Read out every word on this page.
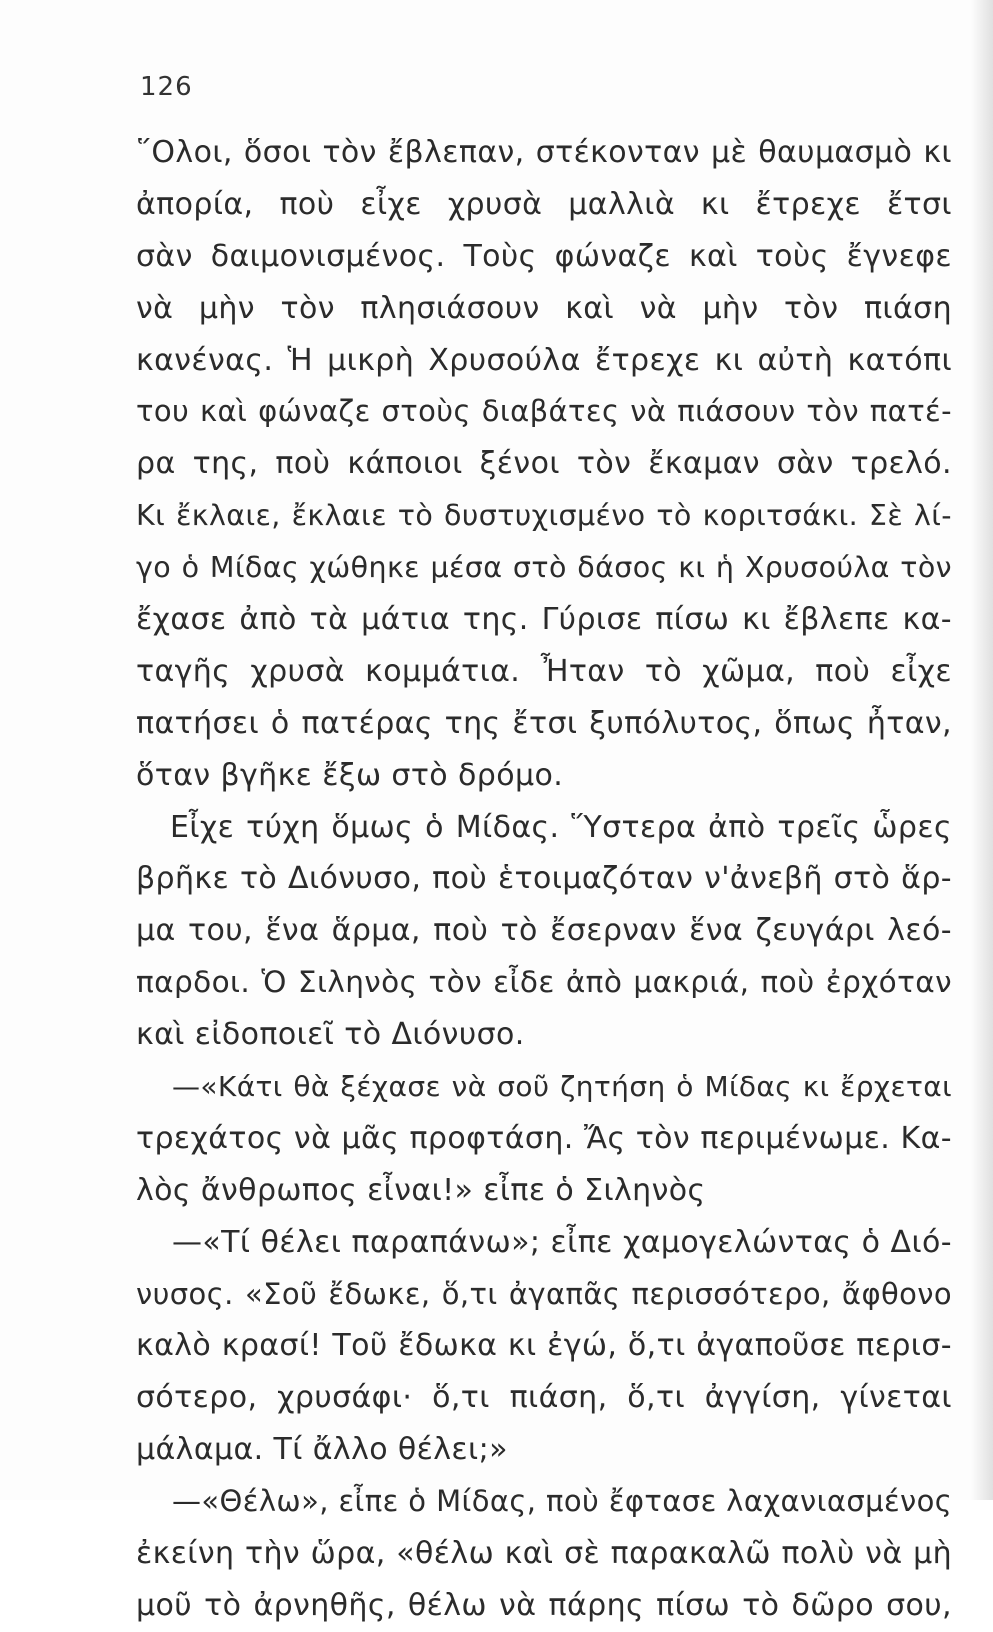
126
῞Ολοι, ὅσοι τὸν ἔβλεπαν, στέκονταν μὲ θαυμασμὸ κι
ἀπορία, ποὺ εἶχε χρυσὰ μαλλιὰ κι ἔτρεχε ἔτσι
σὰν δαιμονισμένος. Τοὺς φώναζε καὶ τοὺς ἔγνεφε
νὰ μὴν τὸν πλησιάσουν καὶ νὰ μὴν τὸν πιάση
κανένας. Ἡ μικρὴ Χρυσούλα ἔτρεχε κι αὐτὴ κατόπι
του καὶ φώναζε στοὺς διαβάτες νὰ πιάσουν τὸν πατέ-
ρα της, ποὺ κάποιοι ξένοι τὸν ἔκαμαν σὰν τρελό.
Κι ἔκλαιε, ἔκλαιε τὸ δυστυχισμένο τὸ κοριτσάκι. Σὲ λί-
γο ὁ Μίδας χώθηκε μέσα στὸ δάσος κι ἡ Χρυσούλα τὸν
ἔχασε ἀπὸ τὰ μάτια της. Γύρισε πίσω κι ἔβλεπε κα-
ταγῆς χρυσὰ κομμάτια. Ἦταν τὸ χῶμα, ποὺ εἶχε
πατήσει ὁ πατέρας της ἔτσι ξυπόλυτος, ὅπως ἦταν,
ὅταν βγῆκε ἔξω στὸ δρόμο.
Εἶχε τύχη ὅμως ὁ Μίδας. Ὕστερα ἀπὸ τρεῖς ὧρες
βρῆκε τὸ Διόνυσο, ποὺ ἑτοιμαζόταν ν'ἀνεβῆ στὸ ἅρ-
μα του, ἕνα ἅρμα, ποὺ τὸ ἔσερναν ἕνα ζευγάρι λεό-
παρδοι. Ὁ Σιληνὸς τὸν εἶδε ἀπὸ μακριά, ποὺ ἐρχόταν
καὶ εἰδοποιεῖ τὸ Διόνυσο.
—«Κάτι θὰ ξέχασε νὰ σοῦ ζητήση ὁ Μίδας κι ἔρχεται
τρεχάτος νὰ μᾶς προφτάση. Ἄς τὸν περιμένωμε. Κα-
λὸς ἄνθρωπος εἶναι!» εἶπε ὁ Σιληνὸς
—«Τί θέλει παραπάνω»; εἶπε χαμογελώντας ὁ Διό-
νυσος. «Σοῦ ἔδωκε, ὅ,τι ἀγαπᾶς περισσότερο, ἄφθονο
καλὸ κρασί! Τοῦ ἔδωκα κι ἐγώ, ὅ,τι ἀγαποῦσε περισ-
σότερο, χρυσάφι· ὅ,τι πιάση, ὅ,τι ἀγγίση, γίνεται
μάλαμα. Τί ἄλλο θέλει;»
—«Θέλω», εἶπε ὁ Μίδας, ποὺ ἔφτασε λαχανιασμένος
ἐκείνη τὴν ὥρα, «θέλω καὶ σὲ παρακαλῶ πολὺ νὰ μὴ
μοῦ τὸ ἀρνηθῆς, θέλω νὰ πάρης πίσω τὸ δῶρο σου,
